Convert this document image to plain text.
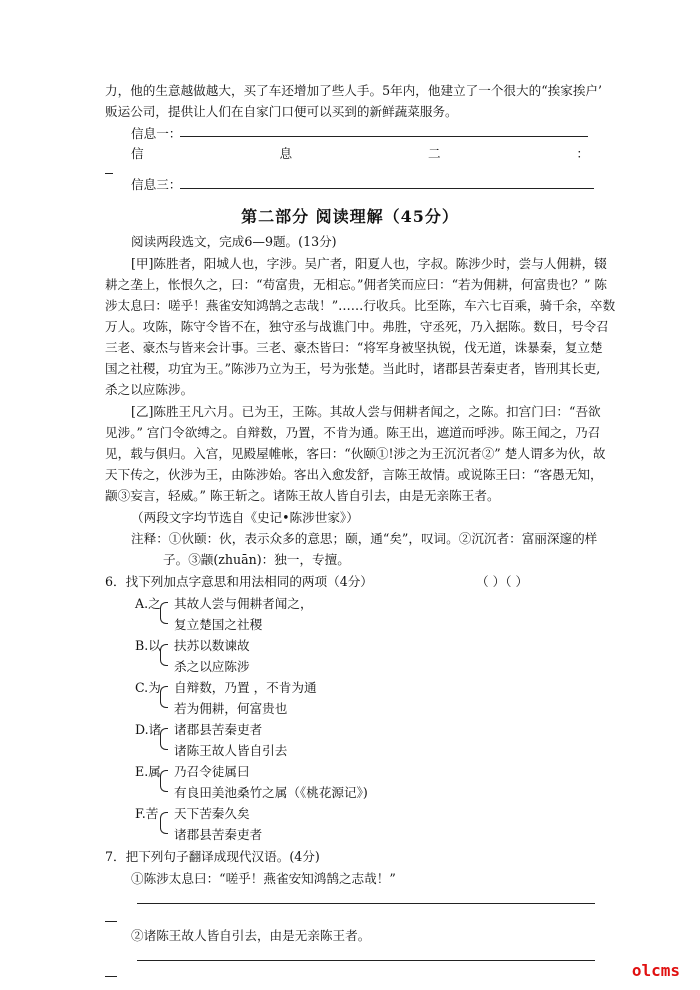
力，他的生意越做越大，买了车还增加了些人手。5年内，他建立了一个很大的“挨家挨户’
贩运公司，提供让人们在自家门口便可以买到的新鲜蔬菜服务。
信息一：
信	息	二	：
信息三：
第二部分 阅读理解（45分）
阅读两段选文，完成6—9题。(13分)
[甲]陈胜者，阳城人也，字涉。吴广者，阳夏人也，字叔。陈涉少时，尝与人佣耕，辍
耕之垄上，怅恨久之，曰：“苟富贵，无相忘。”佣者笑而应曰：“若为佣耕，何富贵也？” 陈
涉太息曰：嗟乎！燕雀安知鸿鹄之志哉！”……行收兵。比至陈，车六七百乘，骑千余，卒数
万人。攻陈，陈守令皆不在，独守丞与战谯门中。弗胜，守丞死，乃入据陈。数日，号令召
三老、豪杰与皆来会计事。三老、豪杰皆曰：“将军身被坚执锐，伐无道，诛暴秦，复立楚
国之社稷，功宜为王。”陈涉乃立为王，号为张楚。当此时，诸郡县苦秦吏者，皆刑其长吏,
杀之以应陈涉。
[乙]陈胜王凡六月。已为王，王陈。其故人尝与佣耕者闻之，之陈。扣宫门曰：“吾欲
见涉。” 宫门令欲缚之。自辩数，乃置，不肯为通。陈王出，遮道而呼涉。陈王闻之，乃召
见，载与俱归。入宫，见殿屋帷帐，客曰：“伙颐①!涉之为王沉沉者②” 楚人谓多为伙，故
天下传之，伙涉为王，由陈涉始。客出入愈发舒，言陈王故情。或说陈王曰：“客愚无知，
颛③妄言，轻威。” 陈王斩之。诸陈王故人皆自引去，由是无亲陈王者。
（两段文字均节选自《史记•陈涉世家》）
注释：①伙颐：伙，表示众多的意思；颐，通“矣”，叹词。②沉沉者：富丽深邃的样
子。③颛(zhuān)：独一，专擅。
6．找下列加点字意思和用法相同的两项（4分）	（ ）（ ）
A.之 其故人尝与佣耕者闻之，
复立楚国之社稷
B.以 扶苏以数谏故
杀之以应陈涉
C.为 自辩数，乃置 ，不肯为通
若为佣耕，何富贵也
D.诸 诸郡县苦秦吏者
诸陈王故人皆自引去
E.属 乃召令徒属曰
有良田美池桑竹之属（《桃花源记》)
F.苦 天下苦秦久矣
诸郡县苦秦吏者
7．把下列句子翻译成现代汉语。(4分)
①陈涉太息曰：“嗟乎！燕雀安知鸿鹄之志哉！”
②诸陈王故人皆自引去，由是无亲陈王者。
olcms
